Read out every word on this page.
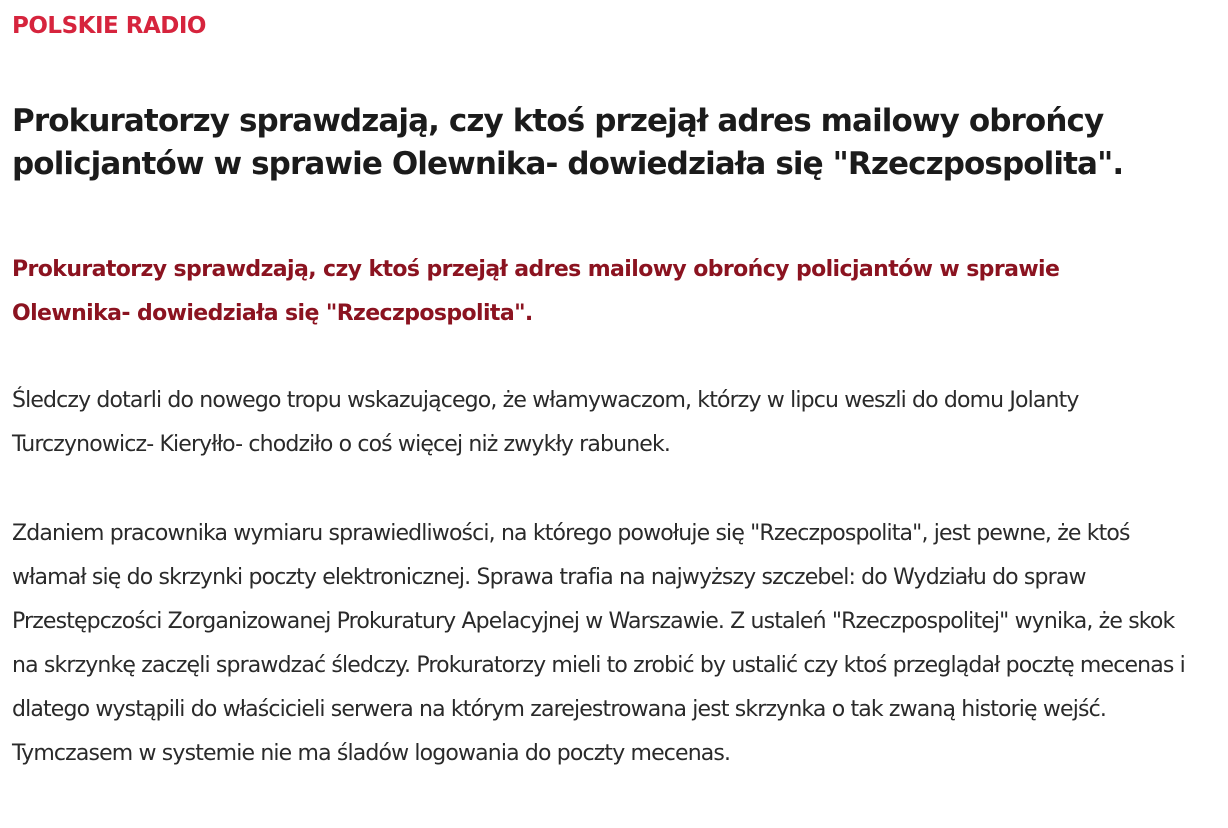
POLSKIE RADIO
Prokuratorzy sprawdzają, czy ktoś przejął adres mailowy obrońcy policjantów w sprawie Olewnika- dowiedziała się "Rzeczpospolita".

Prokuratorzy sprawdzają, czy ktoś przejął adres mailowy obrońcy policjantów w sprawie Olewnika- dowiedziała się "Rzeczpospolita".

Śledczy dotarli do nowego tropu wskazującego, że włamywaczom, którzy w lipcu weszli do domu Jolanty Turczynowicz- Kieryłło- chodziło o coś więcej niż zwykły rabunek.

Zdaniem pracownika wymiaru sprawiedliwości, na którego powołuje się "Rzeczpospolita", jest pewne, że ktoś włamał się do skrzynki poczty elektronicznej. Sprawa trafia na najwyższy szczebel: do Wydziału do spraw Przestępczości Zorganizowanej Prokuratury Apelacyjnej w Warszawie. Z ustaleń "Rzeczpospolitej" wynika, że skok na skrzynkę zaczęli sprawdzać śledczy. Prokuratorzy mieli to zrobić by ustalić czy ktoś przeglądał pocztę mecenas i dlatego wystąpili do właścicieli serwera na którym zarejestrowana jest skrzynka o tak zwaną historię wejść. Tymczasem w systemie nie ma śladów logowania do poczty mecenas.
